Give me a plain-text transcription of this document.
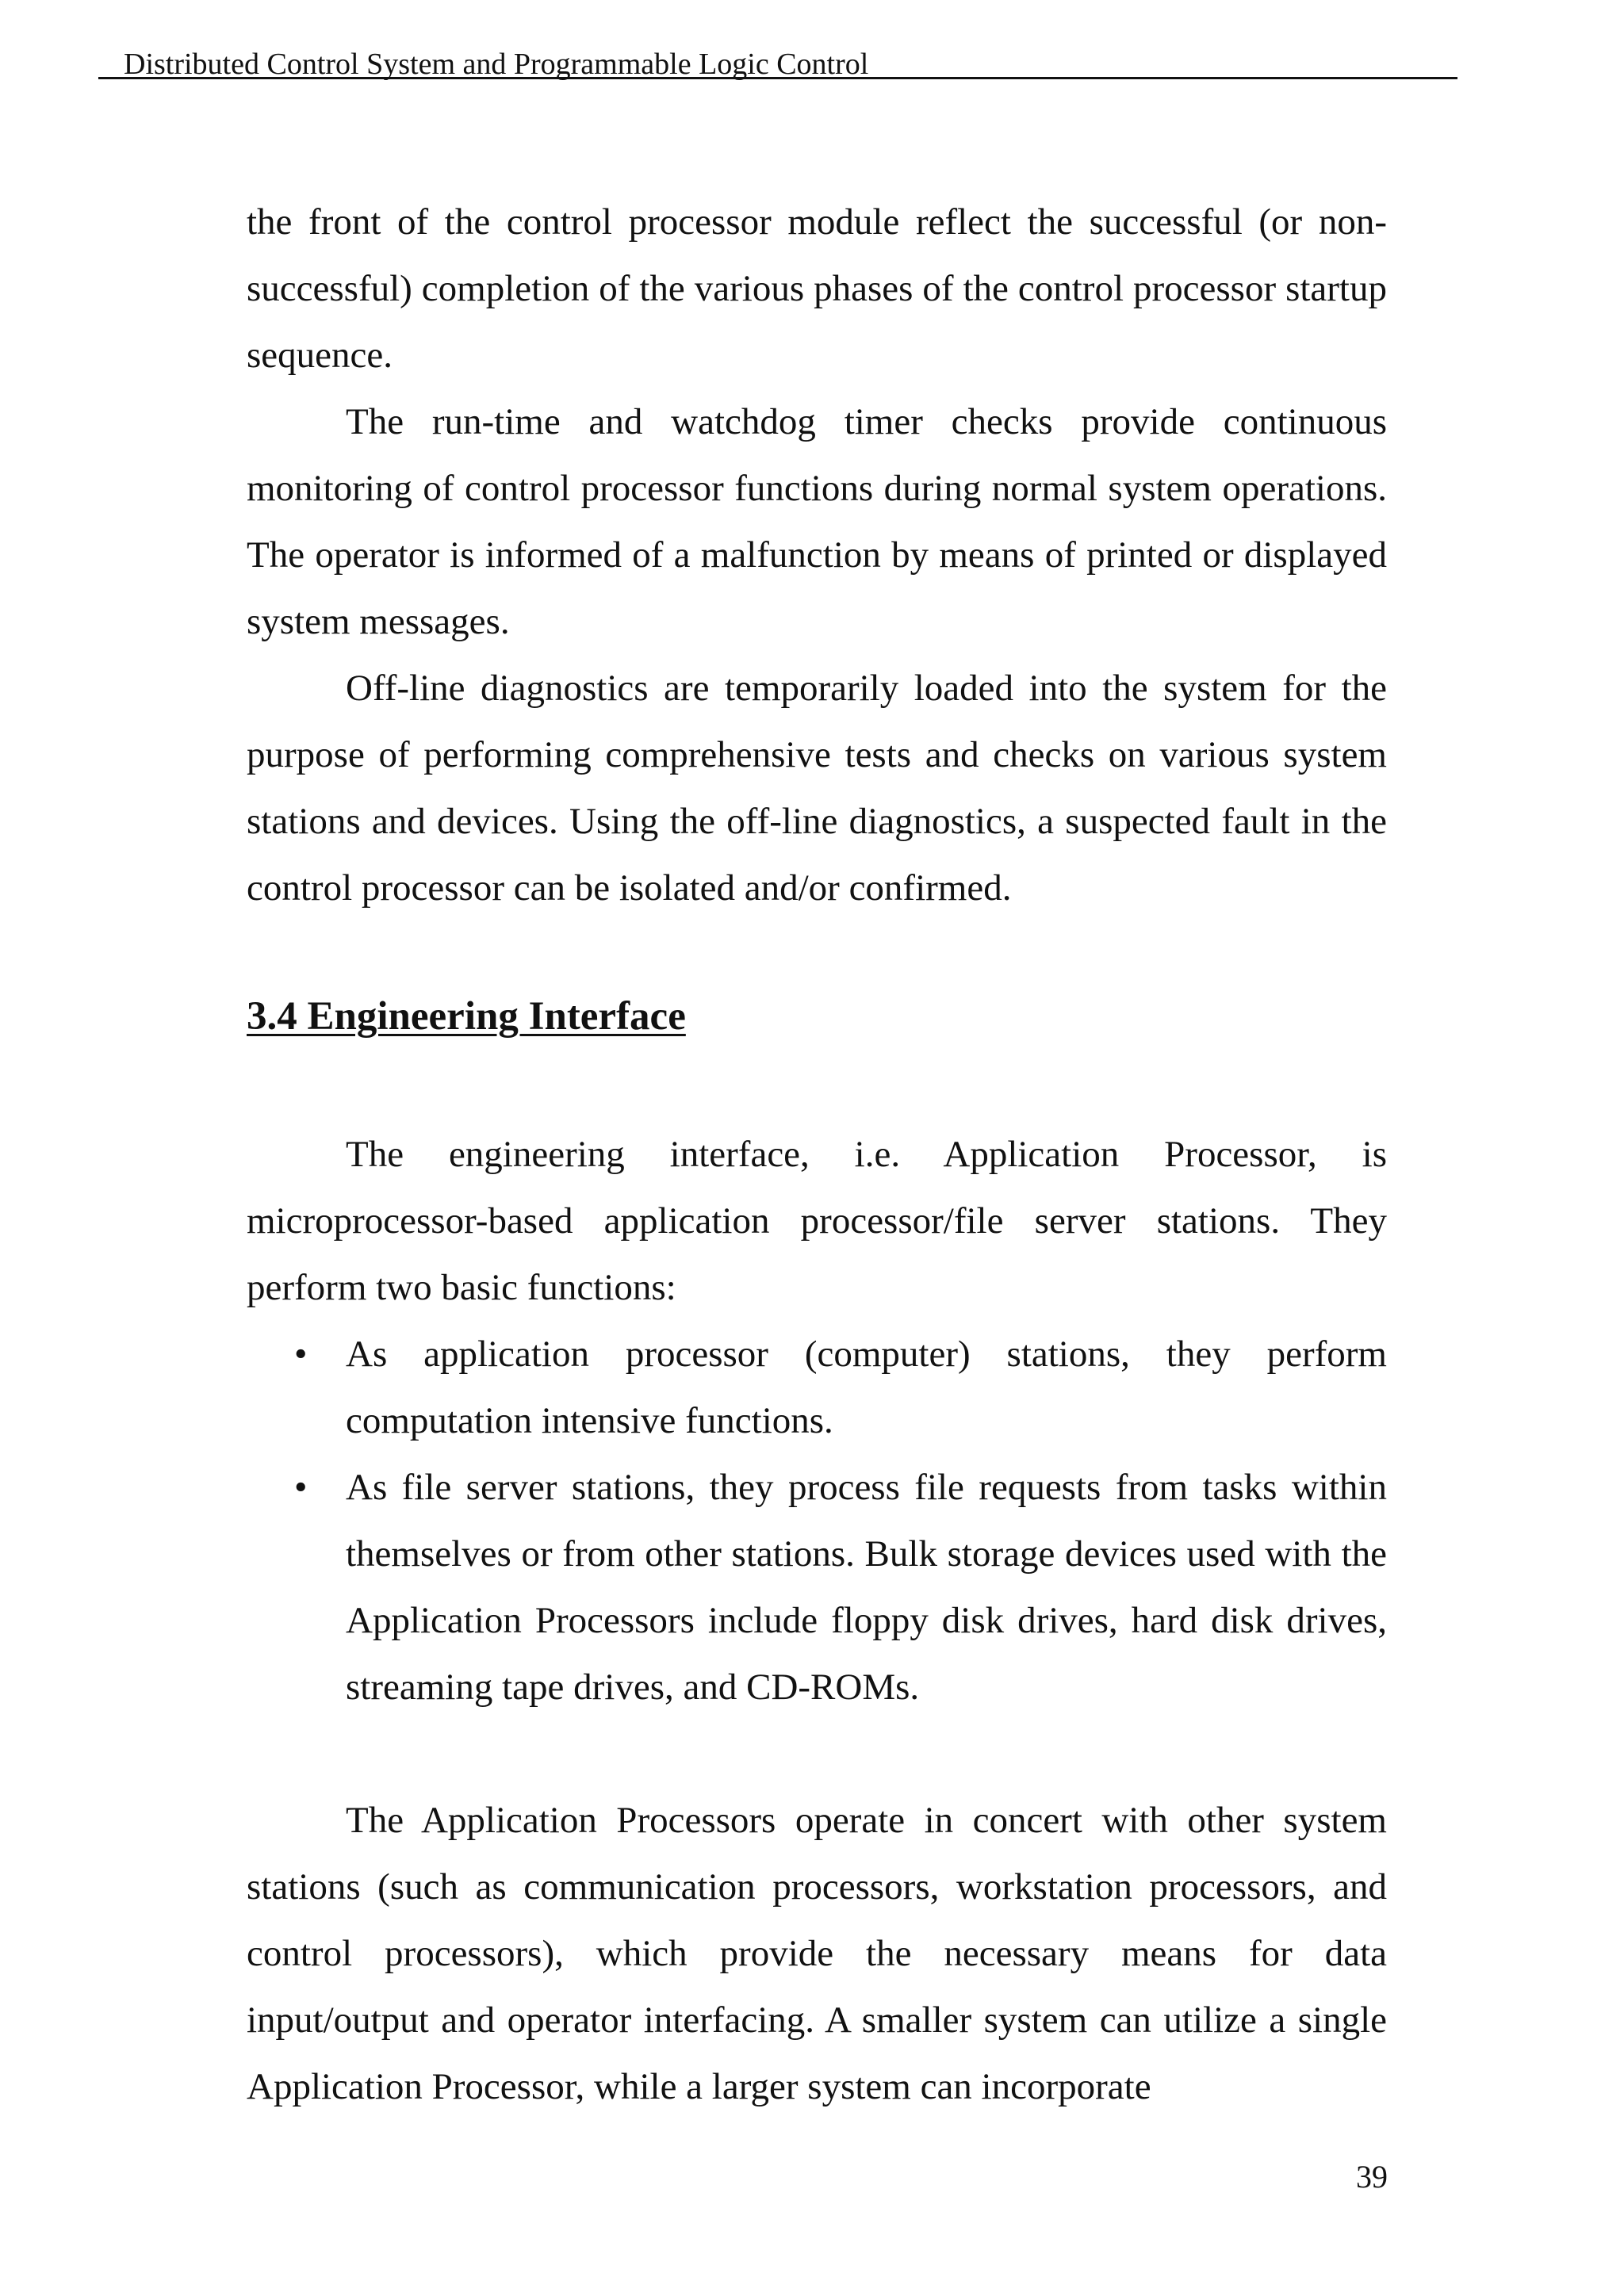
Distributed Control System and Programmable Logic Control

the front of the control processor module reflect the successful (or non-successful) completion of the various phases of the control processor startup sequence.

The run-time and watchdog timer checks provide continuous monitoring of control processor functions during normal system operations. The operator is informed of a malfunction by means of printed or displayed system messages.

Off-line diagnostics are temporarily loaded into the system for the purpose of performing comprehensive tests and checks on various system stations and devices. Using the off-line diagnostics, a suspected fault in the control processor can be isolated and/or confirmed.

3.4 Engineering Interface

The engineering interface, i.e. Application Processor, is microprocessor-based application processor/file server stations. They perform two basic functions:

• As application processor (computer) stations, they perform computation intensive functions.
• As file server stations, they process file requests from tasks within themselves or from other stations. Bulk storage devices used with the Application Processors include floppy disk drives, hard disk drives, streaming tape drives, and CD-ROMs.

The Application Processors operate in concert with other system stations (such as communication processors, workstation processors, and control processors), which provide the necessary means for data input/output and operator interfacing. A smaller system can utilize a single Application Processor, while a larger system can incorporate

39
